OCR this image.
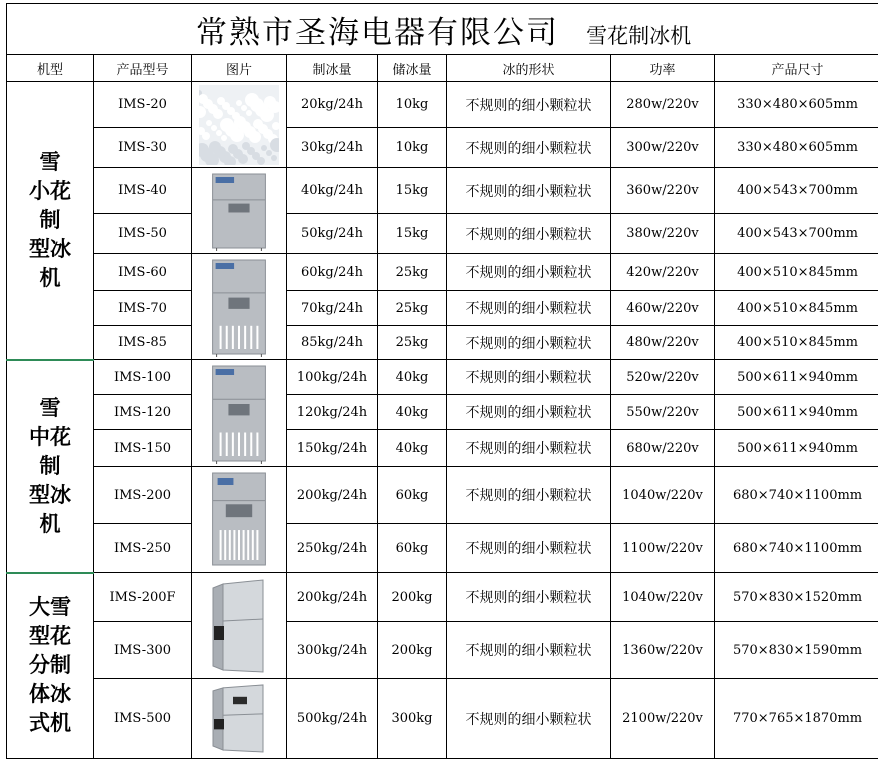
常熟市圣海电器有限公司 雪花制冰机							
机型	产品型号	图片	制冰量	储冰量	冰的形状	功率	产品尺寸

雪
小花
制
型冰
机	IMS-20		20kg/24h	10kg	不规则的细小颗粒状	280w/220v	330×480×605mm
	IMS-30		30kg/24h	10kg	不规则的细小颗粒状	300w/220v	330×480×605mm
	IMS-40		40kg/24h	15kg	不规则的细小颗粒状	360w/220v	400×543×700mm
	IMS-50		50kg/24h	15kg	不规则的细小颗粒状	380w/220v	400×543×700mm
	IMS-60		60kg/24h	25kg	不规则的细小颗粒状	420w/220v	400×510×845mm
	IMS-70		70kg/24h	25kg	不规则的细小颗粒状	460w/220v	400×510×845mm
	IMS-85		85kg/24h	25kg	不规则的细小颗粒状	480w/220v	400×510×845mm

雪
中花
制
型冰
机	IMS-100		100kg/24h	40kg	不规则的细小颗粒状	520w/220v	500×611×940mm
	IMS-120		120kg/24h	40kg	不规则的细小颗粒状	550w/220v	500×611×940mm
	IMS-150		150kg/24h	40kg	不规则的细小颗粒状	680w/220v	500×611×940mm
	IMS-200		200kg/24h	60kg	不规则的细小颗粒状	1040w/220v	680×740×1100mm
	IMS-250		250kg/24h	60kg	不规则的细小颗粒状	1100w/220v	680×740×1100mm

大雪
型花
分制
体冰
式机	IMS-200F		200kg/24h	200kg	不规则的细小颗粒状	1040w/220v	570×830×1520mm
	IMS-300		300kg/24h	200kg	不规则的细小颗粒状	1360w/220v	570×830×1590mm
	IMS-500		500kg/24h	300kg	不规则的细小颗粒状	2100w/220v	770×765×1870mm
